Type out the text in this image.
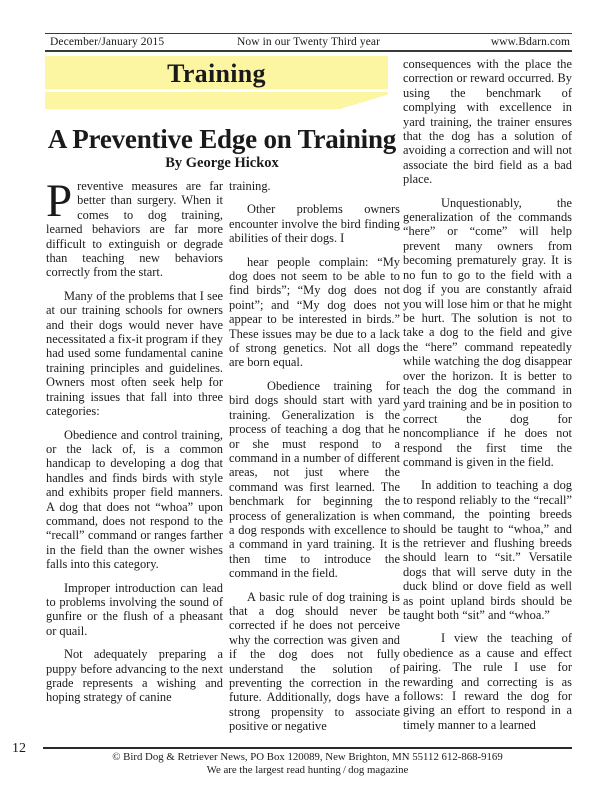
December/January 2015	Now in our Twenty Third year	www.Bdarn.com
Training
A Preventive Edge on Training
By George Hickox

Preventive measures are far better than surgery. When it comes to dog training, learned behaviors are far more difficult to extinguish or degrade than teaching new behaviors correctly from the start.

Many of the problems that I see at our training schools for owners and their dogs would never have necessitated a fix-it program if they had used some fundamental canine training principles and guidelines. Owners most often seek help for training issues that fall into three categories:

Obedience and control training, or the lack of, is a common handicap to developing a dog that handles and finds birds with style and exhibits proper field manners. A dog that does not “whoa” upon command, does not respond to the “recall” command or ranges farther in the field than the owner wishes falls into this category.

Improper introduction can lead to problems involving the sound of gunfire or the flush of a pheasant or quail.

Not adequately preparing a puppy before advancing to the next grade represents a wishing and hoping strategy of canine

training.

Other problems owners encounter involve the bird finding abilities of their dogs. I

hear people complain: “My dog does not seem to be able to find birds”; “My dog does not point”; and “My dog does not appear to be interested in birds.” These issues may be due to a lack of strong genetics. Not all dogs are born equal.

Obedience training for bird dogs should start with yard training. Generalization is the process of teaching a dog that he or she must respond to a command in a number of different areas, not just where the command was first learned. The benchmark for beginning the process of generalization is when a dog responds with excellence to a command in yard training. It is then time to introduce the command in the field.

A basic rule of dog training is that a dog should never be corrected if he does not perceive why the correction was given and if the dog does not fully understand the solution of preventing the correction in the future. Additionally, dogs have a strong propensity to associate positive or negative

consequences with the place the correction or reward occurred. By using the benchmark of complying with excellence in yard training, the trainer ensures that the dog has a solution of avoiding a correction and will not associate the bird field as a bad place.

Unquestionably, the generalization of the commands “here” or “come” will help prevent many owners from becoming prematurely gray. It is no fun to go to the field with a dog if you are constantly afraid you will lose him or that he might be hurt. The solution is not to take a dog to the field and give the “here” command repeatedly while watching the dog disappear over the horizon. It is better to teach the dog the command in yard training and be in position to correct the dog for noncompliance if he does not respond the first time the command is given in the field.

In addition to teaching a dog to respond reliably to the “recall” command, the pointing breeds should be taught to “whoa,” and the retriever and flushing breeds should learn to “sit.” Versatile dogs that will serve duty in the duck blind or dove field as well as point upland birds should be taught both “sit” and “whoa.”

I view the teaching of obedience as a cause and effect pairing. The rule I use for rewarding and correcting is as follows: I reward the dog for giving an effort to respond in a timely manner to a learned

12
© Bird Dog & Retriever News, PO Box 120089, New Brighton, MN 55112 612-868-9169
We are the largest read hunting / dog magazine
